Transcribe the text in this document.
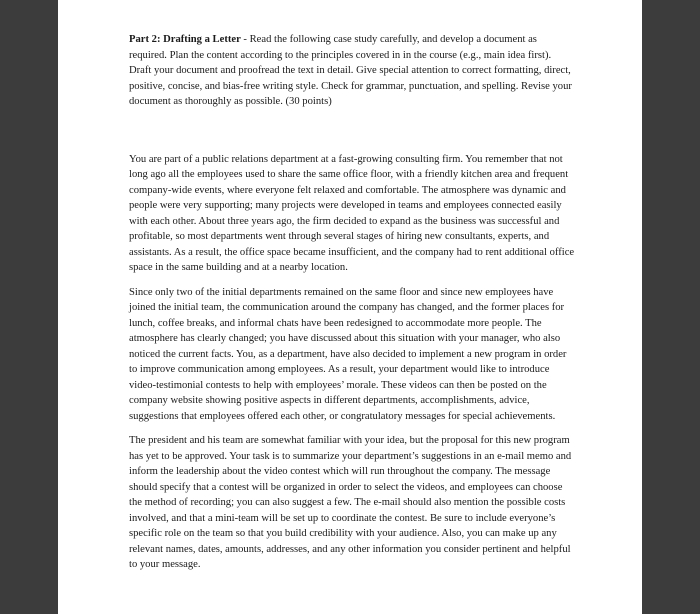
Part 2: Drafting a Letter - Read the following case study carefully, and develop a document as required. Plan the content according to the principles covered in in the course (e.g., main idea first). Draft your document and proofread the text in detail. Give special attention to correct formatting, direct, positive, concise, and bias-free writing style. Check for grammar, punctuation, and spelling. Revise your document as thoroughly as possible. (30 points)

You are part of a public relations department at a fast-growing consulting firm. You remember that not long ago all the employees used to share the same office floor, with a friendly kitchen area and frequent company-wide events, where everyone felt relaxed and comfortable. The atmosphere was dynamic and people were very supporting; many projects were developed in teams and employees connected easily with each other. About three years ago, the firm decided to expand as the business was successful and profitable, so most departments went through several stages of hiring new consultants, experts, and assistants. As a result, the office space became insufficient, and the company had to rent additional office space in the same building and at a nearby location.

Since only two of the initial departments remained on the same floor and since new employees have joined the initial team, the communication around the company has changed, and the former places for lunch, coffee breaks, and informal chats have been redesigned to accommodate more people. The atmosphere has clearly changed; you have discussed about this situation with your manager, who also noticed the current facts. You, as a department, have also decided to implement a new program in order to improve communication among employees. As a result, your department would like to introduce video-testimonial contests to help with employees’ morale. These videos can then be posted on the company website showing positive aspects in different departments, accomplishments, advice, suggestions that employees offered each other, or congratulatory messages for special achievements.

The president and his team are somewhat familiar with your idea, but the proposal for this new program has yet to be approved. Your task is to summarize your department’s suggestions in an e-mail memo and inform the leadership about the video contest which will run throughout the company. The message should specify that a contest will be organized in order to select the videos, and employees can choose the method of recording; you can also suggest a few. The e-mail should also mention the possible costs involved, and that a mini-team will be set up to coordinate the contest. Be sure to include everyone’s specific role on the team so that you build credibility with your audience. Also, you can make up any relevant names, dates, amounts, addresses, and any other information you consider pertinent and helpful to your message.
